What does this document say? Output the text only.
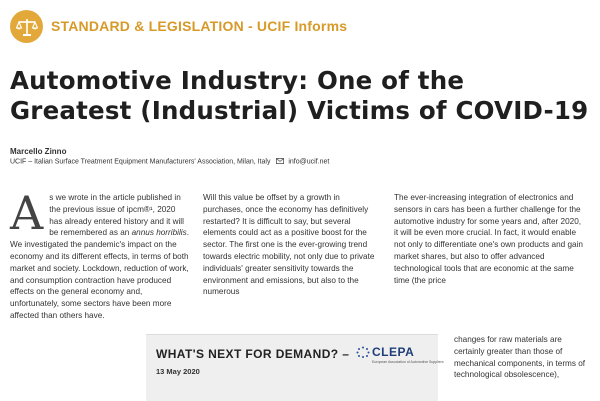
STANDARD & LEGISLATION - UCIF Informs
Automotive Industry: One of the Greatest (Industrial) Victims of COVID-19
Marcello Zinno
UCIF – Italian Surface Treatment Equipment Manufacturers' Association, Milan, Italy	info@ucif.net
As we wrote in the article published in the previous issue of ipcm®¹, 2020 has already entered history and it will be remembered as an annus horribilis. We investigated the pandemic's impact on the economy and its different effects, in terms of both market and society. Lockdown, reduction of work, and consumption contraction have produced effects on the general economy and, unfortunately, some sectors have been more affected than others have.
Will this value be offset by a growth in purchases, once the economy has definitively restarted? It is difficult to say, but several elements could act as a positive boost for the sector. The first one is the ever-growing trend towards electric mobility, not only due to private individuals' greater sensitivity towards the environment and emissions, but also to the numerous
The ever-increasing integration of electronics and sensors in cars has been a further challenge for the automotive industry for some years and, after 2020, it will be even more crucial. In fact, it would enable not only to differentiate one's own products and gain market shares, but also to offer advanced technological tools that are economic at the same time (the price
changes for raw materials are certainly greater than those of mechanical components, in terms of technological obsolescence),
WHAT'S NEXT FOR DEMAND? –
13 May 2020
CLEPA
European Association of Automotive Suppliers
